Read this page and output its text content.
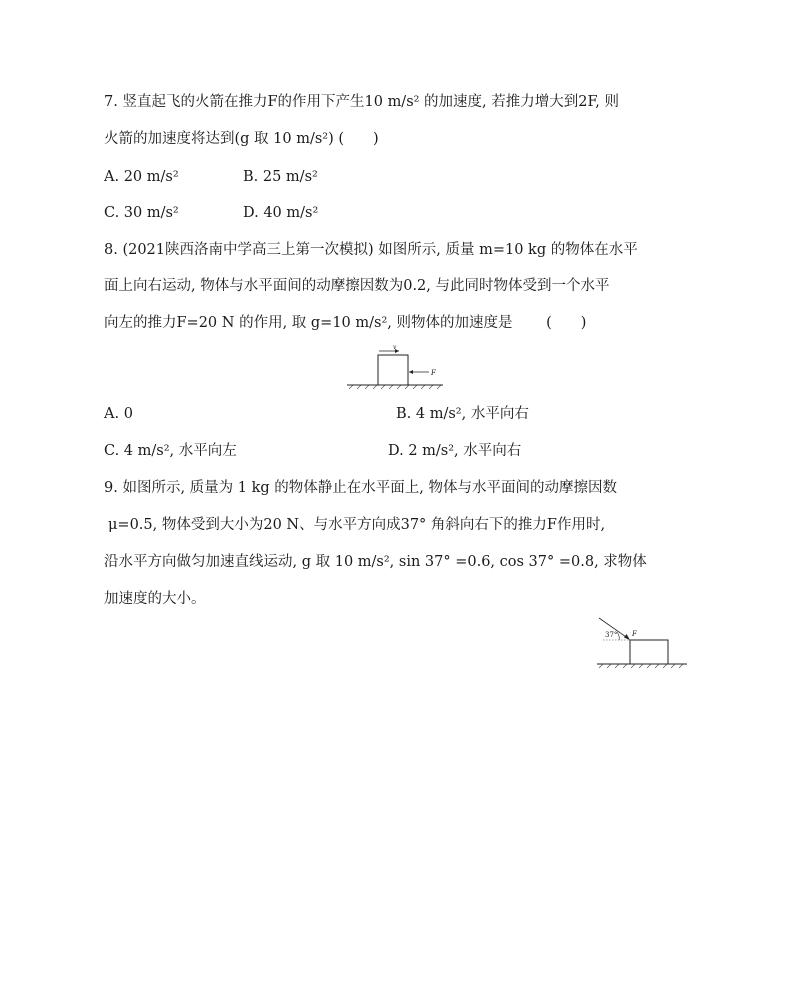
7. 竖直起飞的火箭在推力F的作用下产生10 m/s² 的加速度, 若推力增大到2F, 则
火箭的加速度将达到(g 取 10 m/s²) (　　)
A. 20 m/s²	B. 25 m/s²
C. 30 m/s²	D. 40 m/s²
8. (2021陕西洛南中学高三上第一次模拟) 如图所示, 质量 m=10 kg 的物体在水平
面上向右运动, 物体与水平面间的动摩擦因数为0.2, 与此同时物体受到一个水平
向左的推力F=20 N 的作用, 取 g=10 m/s², 则物体的加速度是　　 (　　)
v
F
A. 0	B. 4 m/s², 水平向右
C. 4 m/s², 水平向左	D. 2 m/s², 水平向右
9. 如图所示, 质量为 1 kg 的物体静止在水平面上, 物体与水平面间的动摩擦因数
μ=0.5, 物体受到大小为20 N、与水平方向成37° 角斜向右下的推力F作用时,
沿水平方向做匀加速直线运动, g 取 10 m/s², sin 37° =0.6, cos 37° =0.8, 求物体
加速度的大小。
37° F
